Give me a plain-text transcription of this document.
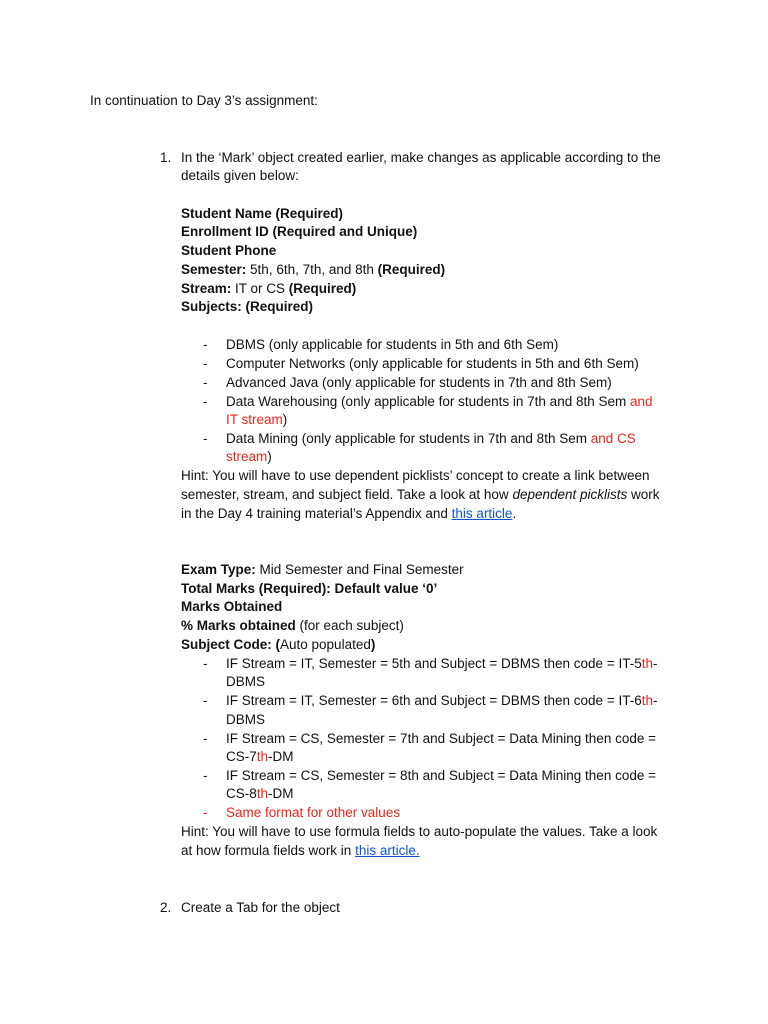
In continuation to Day 3’s assignment:
1. In the ‘Mark’ object created earlier, make changes as applicable according to the
details given below:
Student Name (Required)
Enrollment ID (Required and Unique)
Student Phone
Semester: 5th, 6th, 7th, and 8th (Required)
Stream: IT or CS (Required)
Subjects: (Required)
- DBMS (only applicable for students in 5th and 6th Sem)
- Computer Networks (only applicable for students in 5th and 6th Sem)
- Advanced Java (only applicable for students in 7th and 8th Sem)
- Data Warehousing (only applicable for students in 7th and 8th Sem and
IT stream)
- Data Mining (only applicable for students in 7th and 8th Sem and CS
stream)
Hint: You will have to use dependent picklists’ concept to create a link between
semester, stream, and subject field. Take a look at how dependent picklists work
in the Day 4 training material’s Appendix and this article.
Exam Type: Mid Semester and Final Semester
Total Marks (Required): Default value ‘0’
Marks Obtained
% Marks obtained (for each subject)
Subject Code: (Auto populated)
- IF Stream = IT, Semester = 5th and Subject = DBMS then code = IT-5th-
DBMS
- IF Stream = IT, Semester = 6th and Subject = DBMS then code = IT-6th-
DBMS
- IF Stream = CS, Semester = 7th and Subject = Data Mining then code =
CS-7th-DM
- IF Stream = CS, Semester = 8th and Subject = Data Mining then code =
CS-8th-DM
- Same format for other values
Hint: You will have to use formula fields to auto-populate the values. Take a look
at how formula fields work in this article.
2. Create a Tab for the object
